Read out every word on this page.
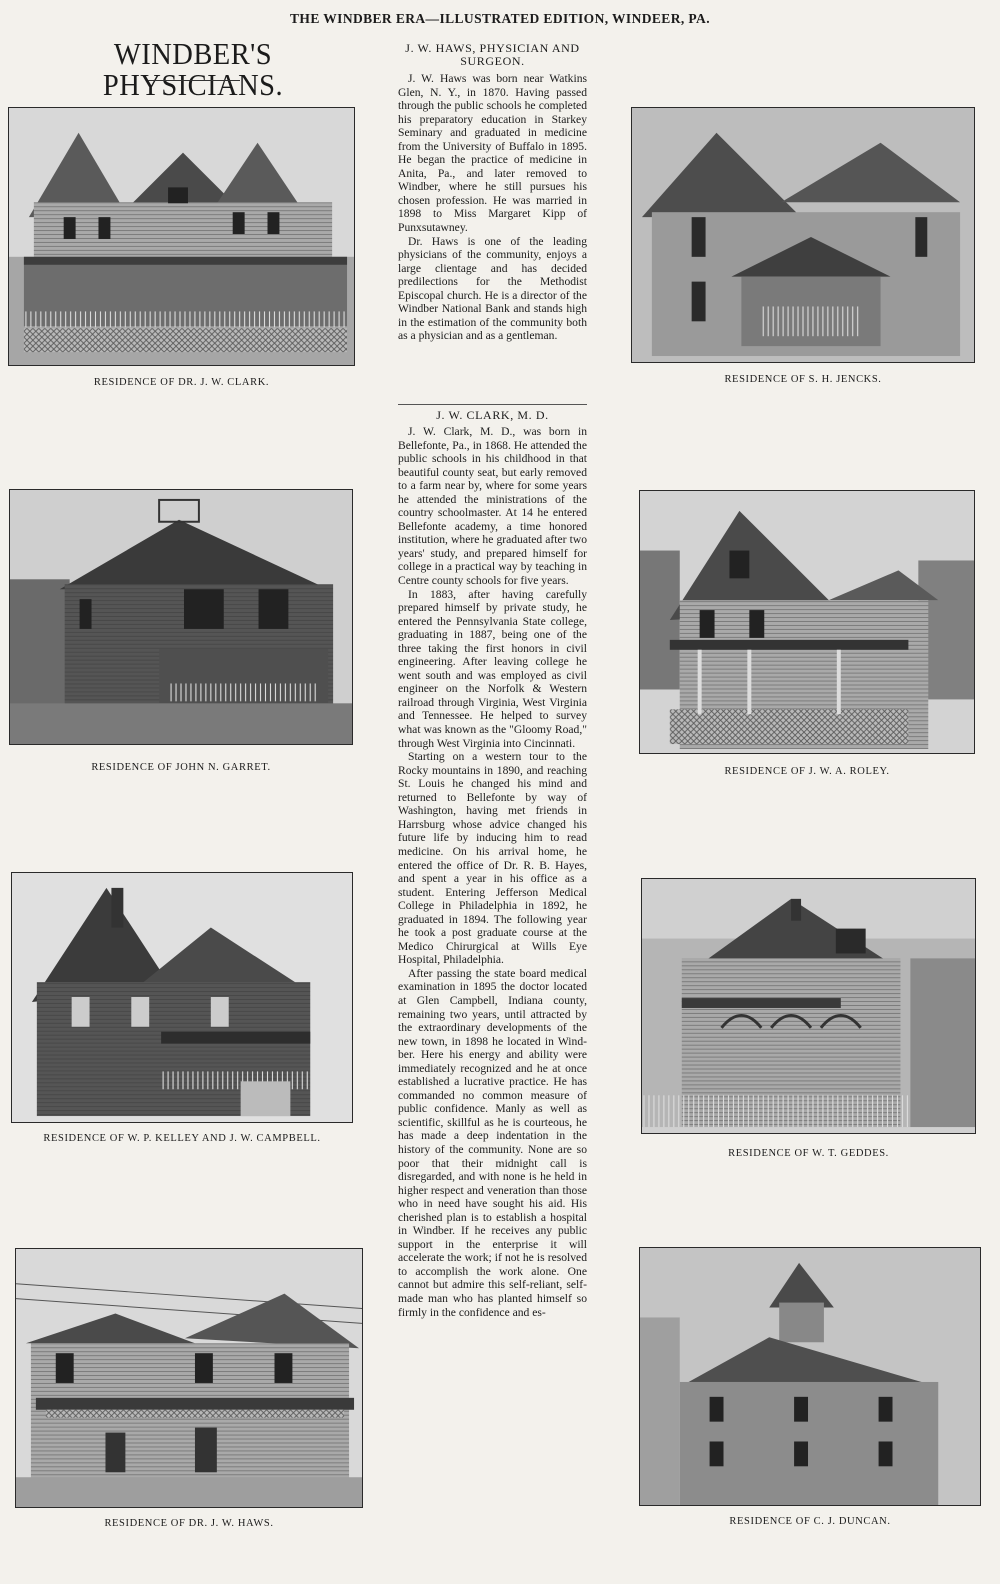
THE WINDBER ERA—ILLUSTRATED EDITION, WINDEER, PA.
WINDBER'S PHYSICIANS.
RESIDENCE OF DR. J. W. CLARK.	RESIDENCE OF S. H. JENCKS.
RESIDENCE OF JOHN N. GARRET.	RESIDENCE OF J. W. A. ROLEY.
RESIDENCE OF W. P. KELLEY AND J. W. CAMPBELL.
RESIDENCE OF W. T. GEDDES.
RESIDENCE OF DR. J. W. HAWS.	RESIDENCE OF C. J. DUNCAN.
J. W. HAWS, PHYSICIAN AND
SURGEON.

J. W. Haws was born near Watkins Glen, N. Y., in 1870. Having passed through the public schools he completed his preparatory education in Starkey Seminary and graduated in medicine from the University of Buffalo in 1895. He began the practice of medicine in Anita, Pa., and later removed to Windber, where he still pursues his chosen profession. He was married in 1898 to Miss Margaret Kipp of Punxsutawney.

Dr. Haws is one of the leading physicians of the community, enjoys a large clientage and has decided predilections for the Methodist Episcopal church. He is a director of the Windber National Bank and stands high in the estimation of the community both as a physician and as a gentleman.

J. W. CLARK, M. D.

J. W. Clark, M. D., was born in Bellefonte, Pa., in 1868. He attended the public schools in his childhood in that beautiful county seat, but early removed to a farm near by, where for some years he attended the ministrations of the country schoolmaster. At 14 he entered Bellefonte academy, a time honored institution, where he graduated after two years' study, and prepared himself for college in a practical way by teaching in Centre county schools for five years.

In 1883, after having carefully prepared himself by private study, he entered the Pennsylvania State college, graduating in 1887, being one of the three taking the first honors in civil engineering. After leaving college he went south and was employed as civil engineer on the Norfolk & Western railroad through Virginia, West Virginia and Tennessee. He helped to survey what was known as the "Gloomy Road," through West Virginia into Cincinnati.

Starting on a western tour to the Rocky mountains in 1890, and reaching St. Louis he changed his mind and returned to Bellefonte by way of Washington, having met friends in Harrsburg whose advice changed his future life by inducing him to read medicine. On his arrival home, he entered the office of Dr. R. B. Hayes, and spent a year in his office as a student. Entering Jefferson Medical College in Philadelphia in 1892, he graduated in 1894. The following year he took a post graduate course at the Medico Chirurgical at Wills Eye Hospital, Philadelphia.

After passing the state board medical examination in 1895 the doctor located at Glen Campbell, Indiana county, remaining two years, until attracted by the extraordinary developments of the new town, in 1898 he located in Windber. Here his energy and ability were immediately recognized and he at once established a lucrative practice. He has commanded no common measure of public confidence. Manly as well as scientific, skillful as he is courteous, he has made a deep indentation in the history of the community. None are so poor that their midnight call is disregarded, and with none is he held in higher respect and veneration than those who in need have sought his aid. His cherished plan is to establish a hospital in Windber. If he receives any public support in the enterprise it will accelerate the work; if not he is resolved to accomplish the work alone. One cannot but admire this self-reliant, self-made man who has planted himself so firmly in the confidence and es-
